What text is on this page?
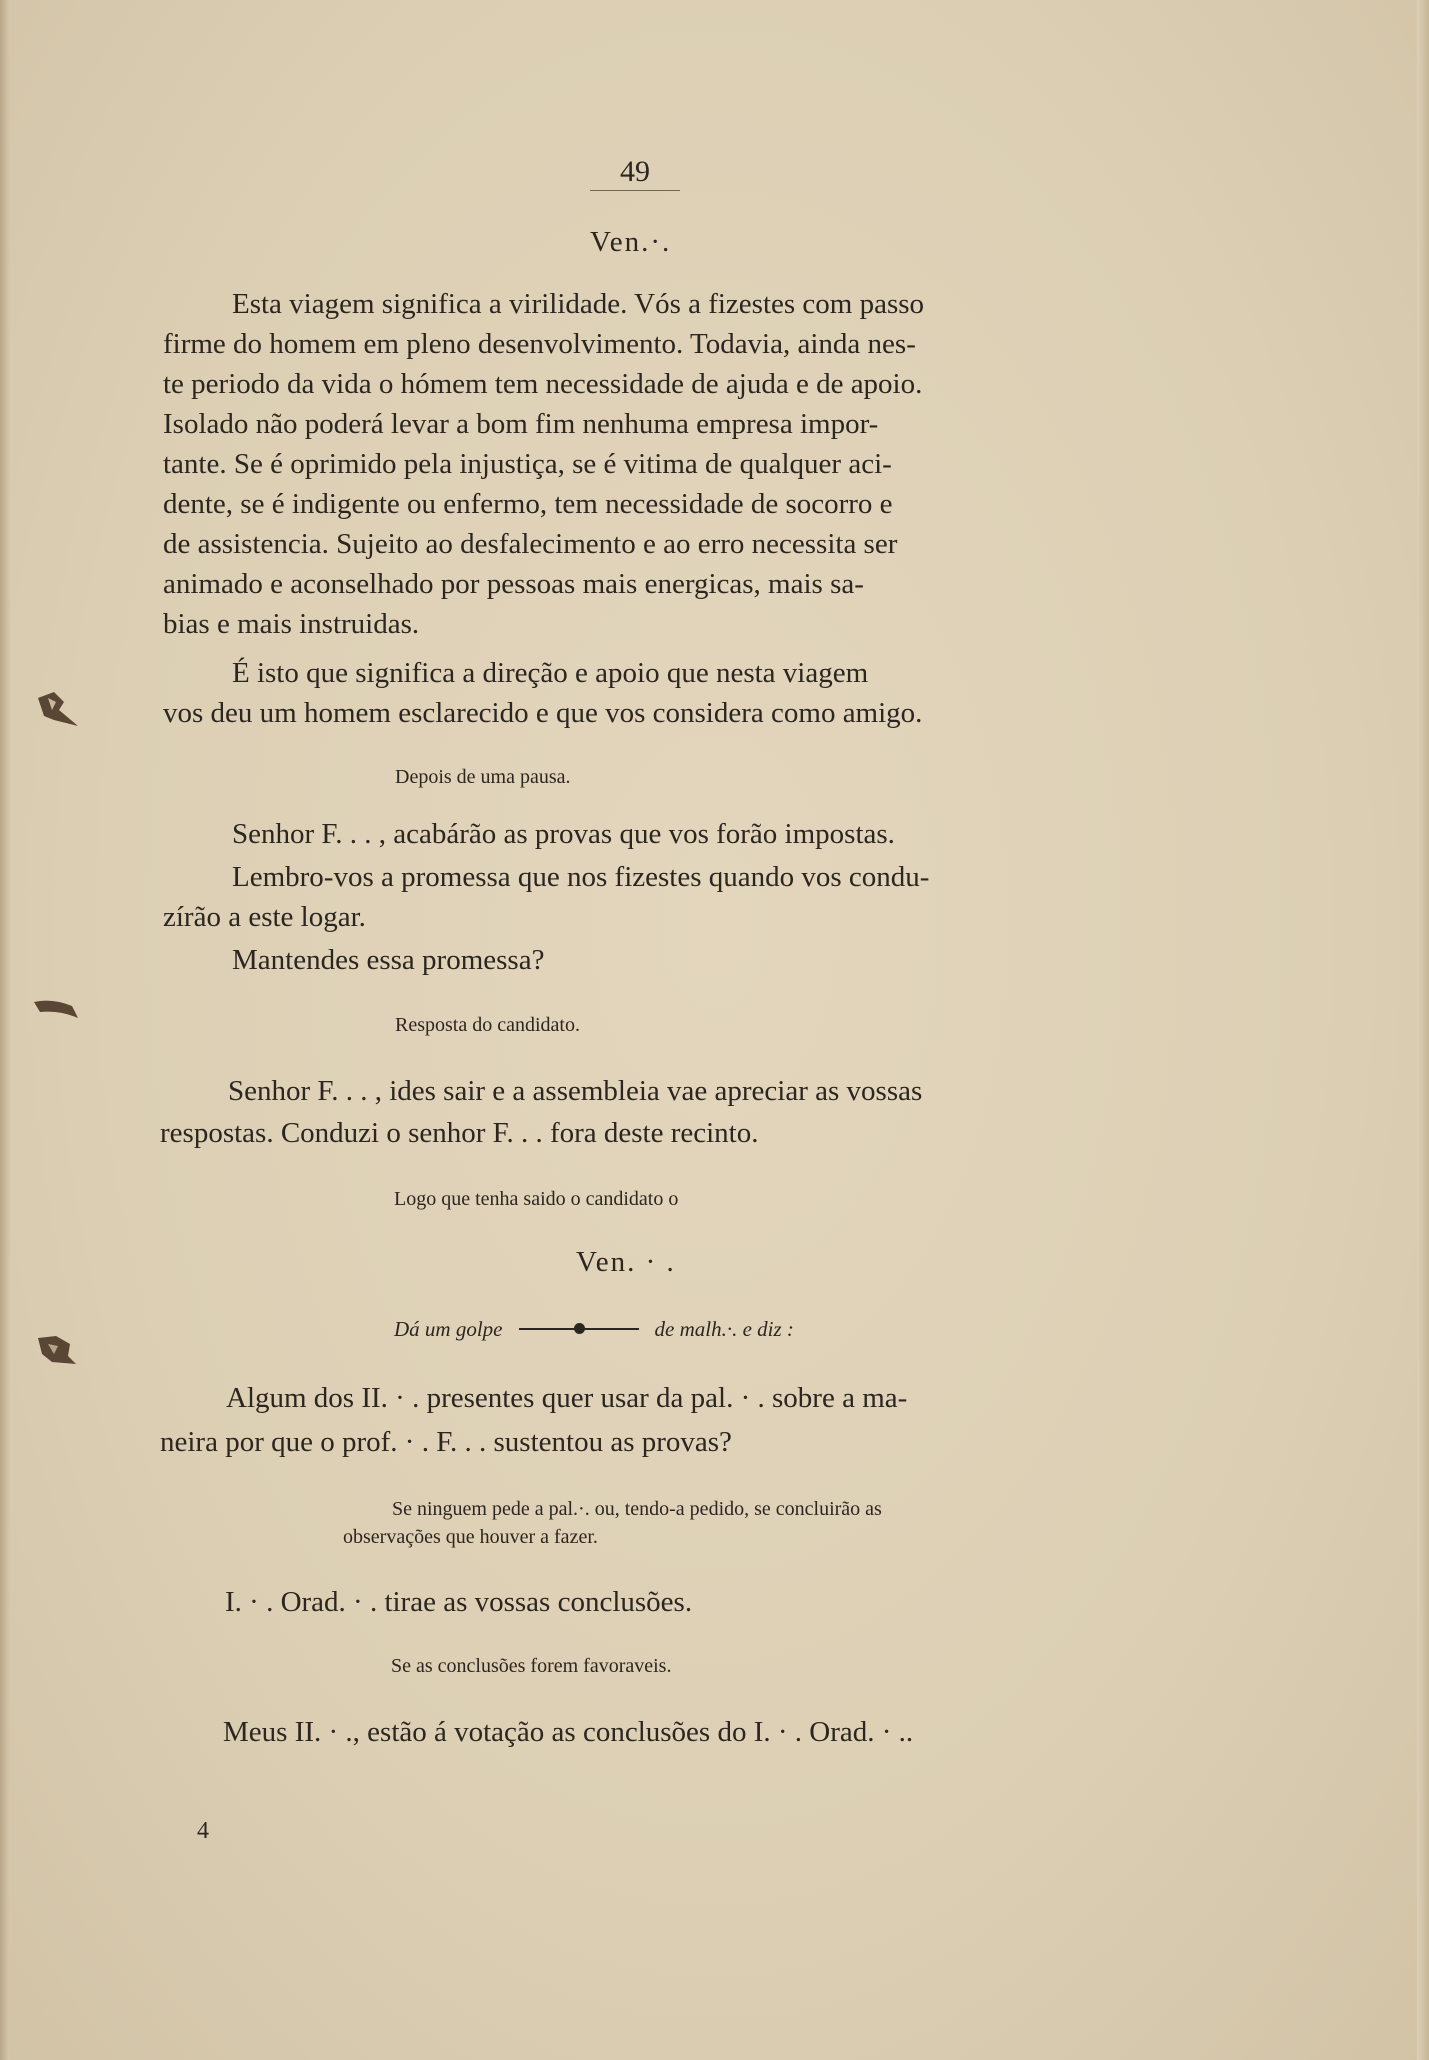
49
Ven.·.
Esta viagem significa a virilidade. Vós a fizestes com passo
firme do homem em pleno desenvolvimento. Todavia, ainda nes-
te periodo da vida o hómem tem necessidade de ajuda e de apoio.
Isolado não poderá levar a bom fim nenhuma empresa impor-
tante. Se é oprimido pela injustiça, se é vitima de qualquer aci-
dente, se é indigente ou enfermo, tem necessidade de socorro e
de assistencia. Sujeito ao desfalecimento e ao erro necessita ser
animado e aconselhado por pessoas mais energicas, mais sa-
bias e mais instruidas.
É isto que significa a direção e apoio que nesta viagem
vos deu um homem esclarecido e que vos considera como amigo.
Depois de uma pausa.
Senhor F. . . , acabárão as provas que vos forão impostas.
Lembro-vos a promessa que nos fizestes quando vos condu-
zírão a este logar.
Mantendes essa promessa?
Resposta do candidato.
Senhor F. . . , ides sair e a assembleia vae apreciar as vossas
respostas. Conduzi o senhor F. . . fora deste recinto.
Logo que tenha saido o candidato o
Ven. · .
Dá um golpe	de malh.·. e diz :
Algum dos II. · . presentes quer usar da pal. · . sobre a ma-
neira por que o prof. · . F. . . sustentou as provas?
Se ninguem pede a pal.·. ou, tendo-a pedido, se concluirão as
observações que houver a fazer.
I. · . Orad. · . tirae as vossas conclusões.
Se as conclusões forem favoraveis.
Meus II. · ., estão á votação as conclusões do I. · . Orad. · ..
4
